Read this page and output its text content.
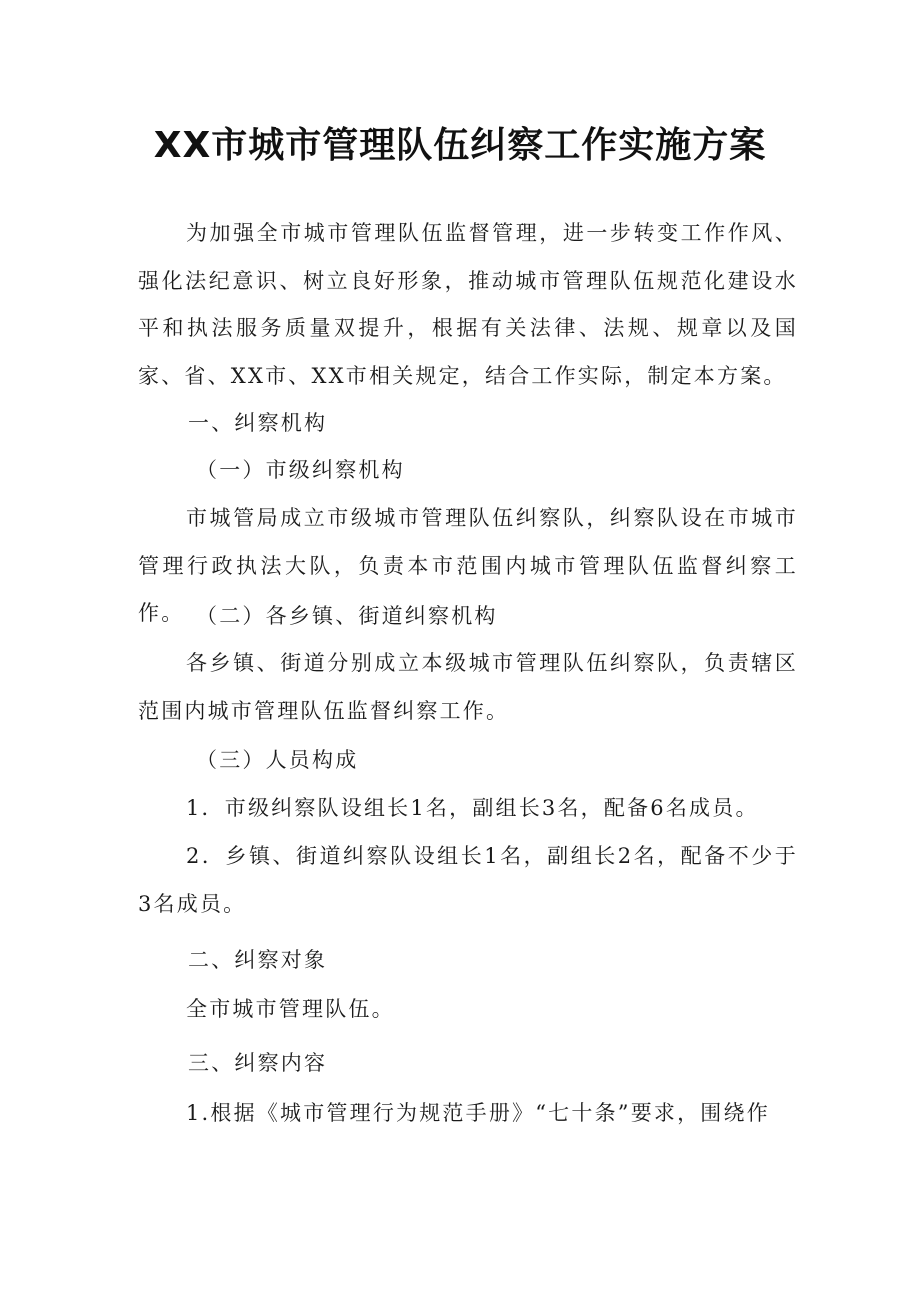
XX市城市管理队伍纠察工作实施方案

为加强全市城市管理队伍监督管理，进一步转变工作作风、强化法纪意识、树立良好形象，推动城市管理队伍规范化建设水平和执法服务质量双提升，根据有关法律、法规、规章以及国家、省、XX市、XX市相关规定，结合工作实际，制定本方案。

一、纠察机构

（一）市级纠察机构

市城管局成立市级城市管理队伍纠察队，纠察队设在市城市管理行政执法大队，负责本市范围内城市管理队伍监督纠察工作。 （二）各乡镇、街道纠察机构

各乡镇、街道分别成立本级城市管理队伍纠察队，负责辖区范围内城市管理队伍监督纠察工作。

（三）人员构成

1．市级纠察队设组长1名，副组长3名，配备6名成员。

2．乡镇、街道纠察队设组长1名，副组长2名，配备不少于3名成员。

二、纠察对象

全市城市管理队伍。

三、纠察内容

1.根据《城市管理行为规范手册》“七十条”要求，围绕作
